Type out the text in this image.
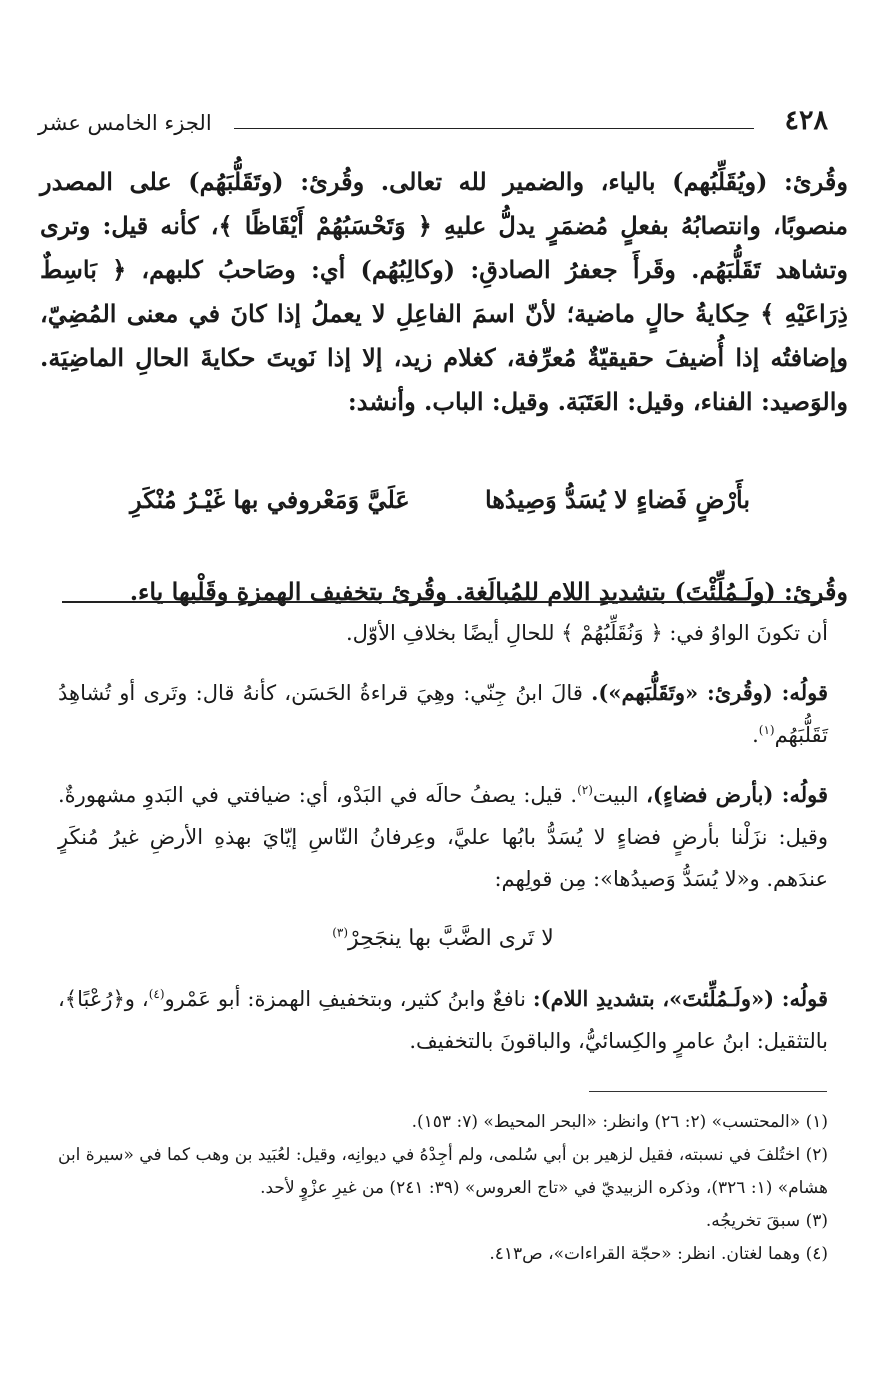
٤٢٨
الجزء الخامس عشر

وقُرئ: (ويُقَلِّبُهم) بالياء، والضمير لله تعالى. وقُرئ: (وتَقَلُّبَهُم) على المصدر منصوبًا، وانتصابُهُ بفعلٍ مُضمَرٍ يدلُّ عليهِ ﴿ وَتَحْسَبُهُمْ أَيْقَاظًا ﴾، كأنه قيل: وترى وتشاهد تَقَلُّبَهُم. وقَرأَ جعفرُ الصادقِ: (وكالِبُهُم) أي: وصَاحبُ كلبهم، ﴿ بَاسِطٌ ذِرَاعَيْهِ ﴾ حِكايةُ حالٍ ماضية؛ لأنّ اسمَ الفاعِلِ لا يعملُ إذا كانَ في معنى المُضِيّ، وإضافتُه إذا أُضيفَ حقيقيّةٌ مُعرِّفة، كغلام زيد، إلا إذا نَويتَ حكايةَ الحالِ الماضِيَة. والوَصيد: الفناء، وقيل: العَتَبَة. وقيل: الباب. وأنشد:

بأَرْضٍ فَضاءٍ لا يُسَدُّ وَصِيدُها
عَلَيَّ وَمَعْروفي بها غَيْـرُ مُنْكَرِ

وقُرئ: (ولَـمُلِّئْتَ) بتشديدِ اللام للمُبالَغة. وقُرئ بتخفيف الهمزةِ وقَلْبها ياء.

أن تكونَ الواوُ في: ﴿ وَنُقَلِّبُهُمْ ﴾ للحالِ أيضًا بخلافِ الأوّل.

قولُه: (وقُرئ: «وتَقَلُّبَهم»). قالَ ابنُ جِنّي: وهِيَ قراءةُ الحَسَن، كأنهُ قال: وتَرى أو تُشاهِدُ تَقَلُّبَهُم$^{(١)}$.

قولُه: (بأرض فضاءٍ)، البيت$^{(٢)}$. قيل: يصفُ حالَه في البَدْو، أي: ضيافتي في البَدوِ مشهورةٌ. وقيل: نزَلْنا بأرضٍ فضاءٍ لا يُسَدُّ بابُها عليَّ، وعِرفانُ النّاسِ إيّايَ بهذهِ الأرضِ غيرُ مُنكَرٍ عندَهم. و«لا يُسَدُّ وَصيدُها»: مِن قولِهم:

لا تَرى الضَّبَّ بها ينجَحِرْ$^{(٣)}$

قولُه: («ولَـمُلِّئتَ»، بتشديدِ اللام): نافعٌ وابنُ كثير، وبتخفيفِ الهمزة: أبو عَمْرو$^{(٤)}$، و﴿رُعْبًا﴾، بالتثقيل: ابنُ عامرٍ والكِسائيُّ، والباقونَ بالتخفيف.

(١) «المحتسب» (٢: ٢٦) وانظر: «البحر المحيط» (٧: ١٥٣).

(٢) اختُلفَ في نسبته، فقيل لزهير بن أبي سُلمى، ولم أجِدْهُ في ديوانِه، وقيل: لعُبَيد بن وهب كما في «سيرة ابن هشام» (١: ٣٢٦)، وذكره الزبيديّ في «تاج العروس» (٣٩: ٢٤١) من غيرِ عزْوٍ لأحد.

(٣) سبقَ تخريجُه.

(٤) وهما لغتان. انظر: «حجّة القراءات»، ص٤١٣.
